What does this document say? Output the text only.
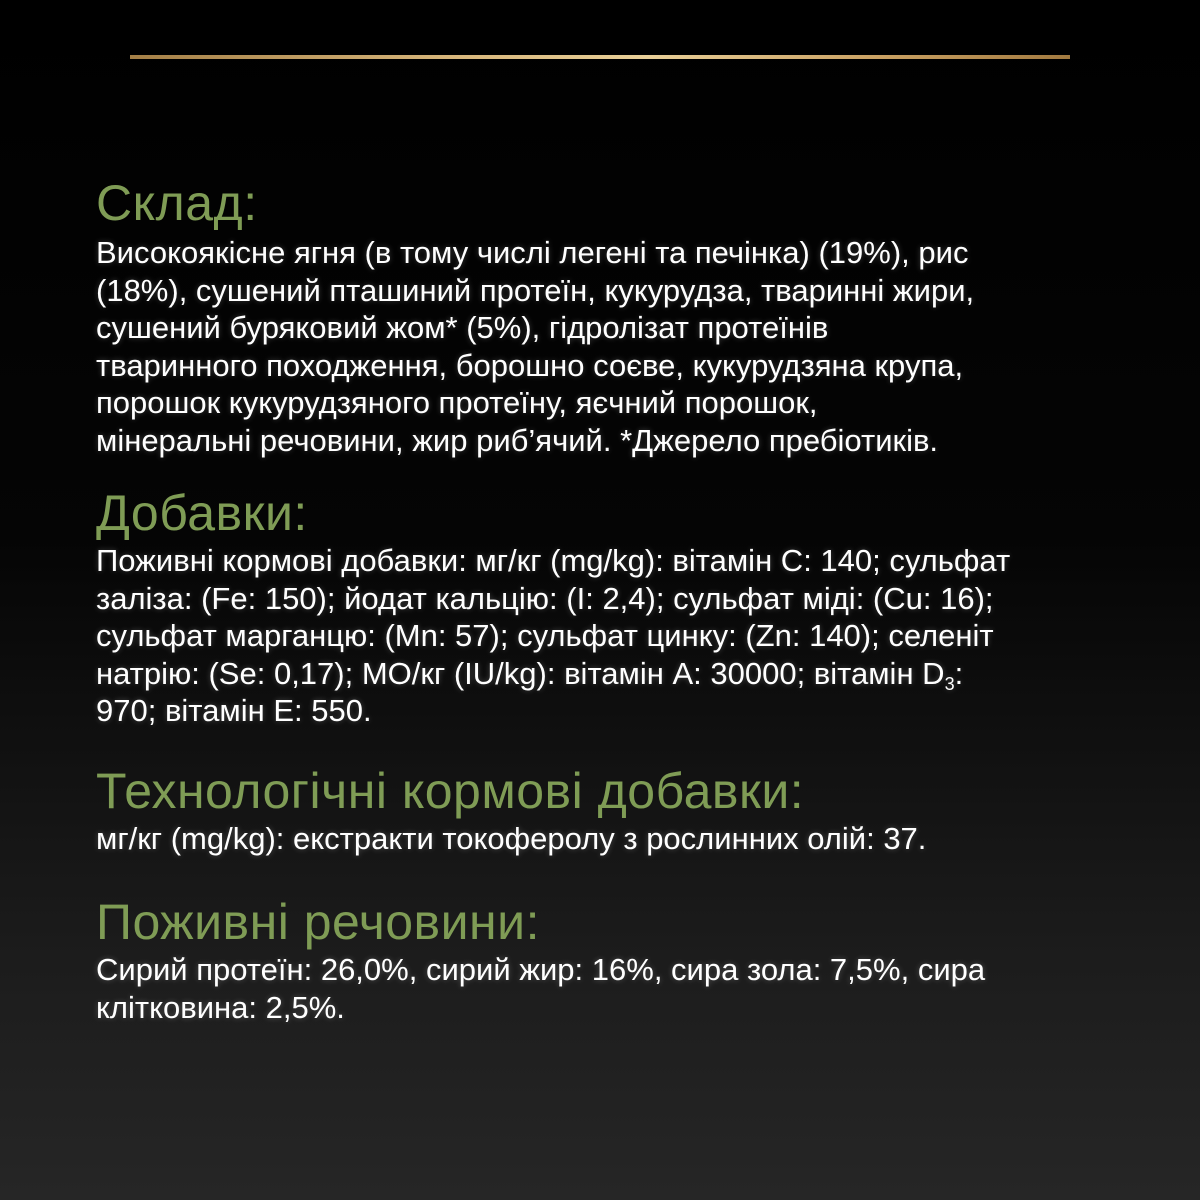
Склад:
Високоякісне ягня (в тому числі легені та печінка) (19%), рис
(18%), сушений пташиний протеїн, кукурудза, тваринні жири,
сушений буряковий жом* (5%), гідролізат протеїнів
тваринного походження, борошно соєве, кукурудзяна крупа,
порошок кукурудзяного протеїну, яєчний порошок,
мінеральні речовини, жир риб’ячий. *Джерело пребіотиків.
Добавки:
Поживні кормові добавки: мг/кг (mg/kg): вітамін С: 140; сульфат
заліза: (Fe: 150); йодат кальцію: (I: 2,4); сульфат міді: (Cu: 16);
сульфат марганцю: (Mn: 57); сульфат цинку: (Zn: 140); селеніт
натрію: (Se: 0,17); МО/кг (IU/kg): вітамін А: 30000; вітамін $D_3$:
970; вітамін Е: 550.
Технологічні кормові добавки:
мг/кг (mg/kg): екстракти токоферолу з рослинних олій: 37.
Поживні речовини:
Сирий протеїн: 26,0%, сирий жир: 16%, сира зола: 7,5%, сира
клітковина: 2,5%.
